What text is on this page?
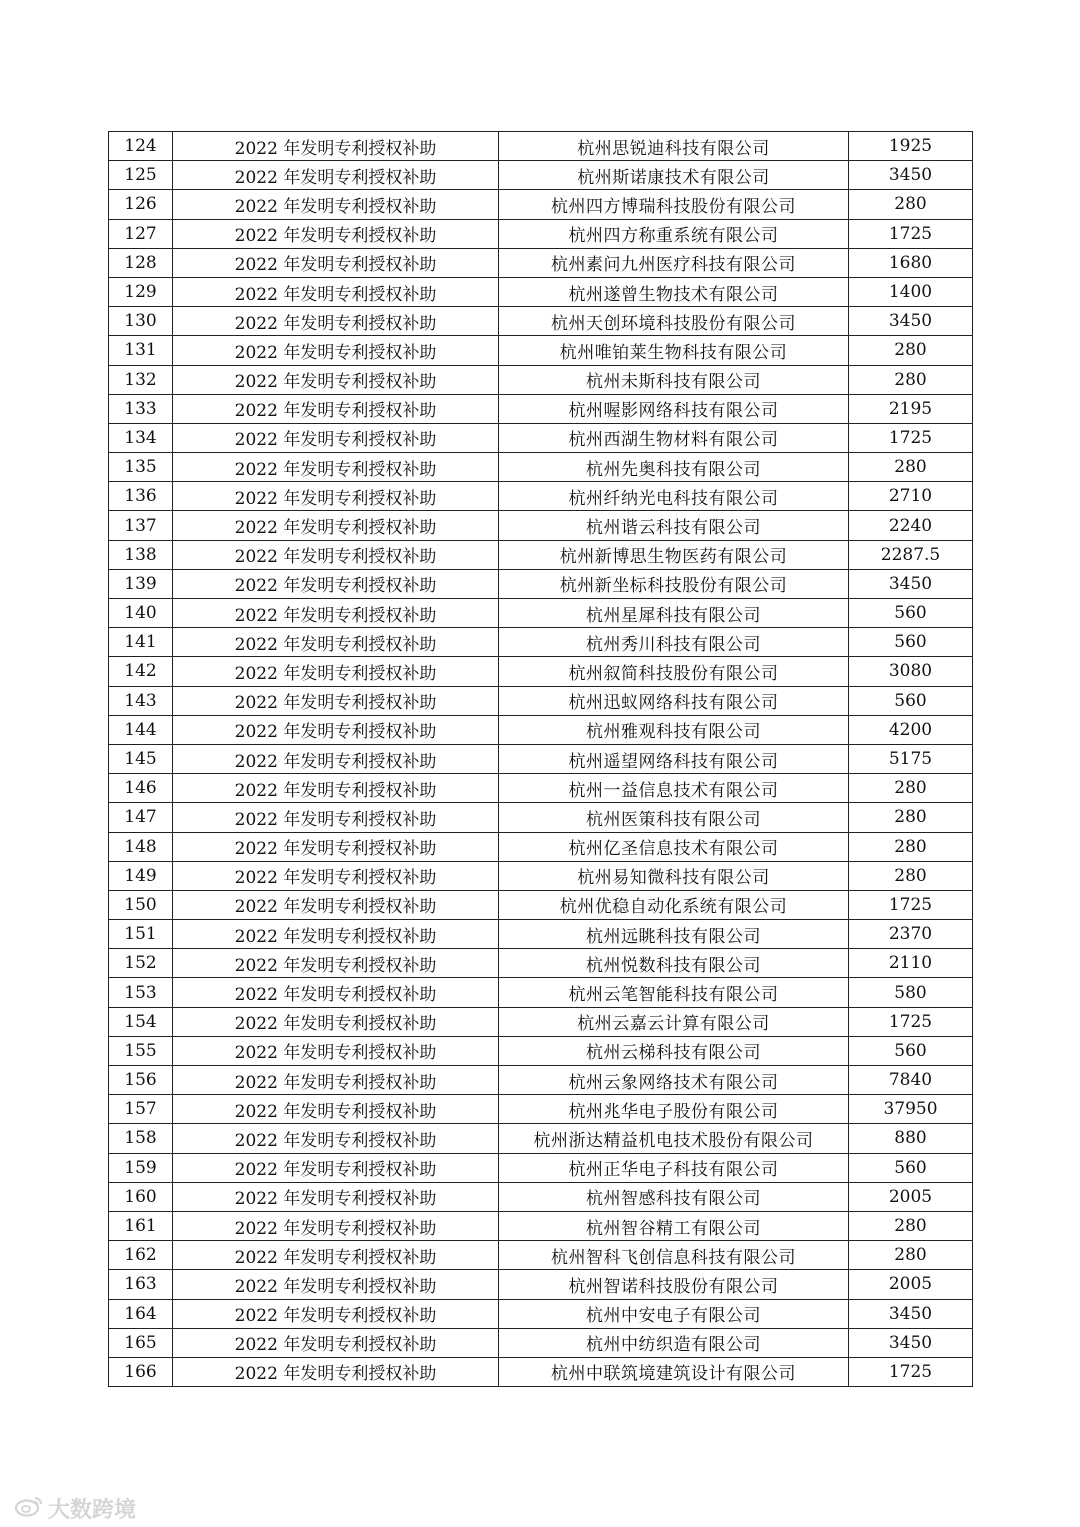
124	2022 年发明专利授权补助	杭州思锐迪科技有限公司	1925
125	2022 年发明专利授权补助	杭州斯诺康技术有限公司	3450
126	2022 年发明专利授权补助	杭州四方博瑞科技股份有限公司	280
127	2022 年发明专利授权补助	杭州四方称重系统有限公司	1725
128	2022 年发明专利授权补助	杭州素问九州医疗科技有限公司	1680
129	2022 年发明专利授权补助	杭州遂曾生物技术有限公司	1400
130	2022 年发明专利授权补助	杭州天创环境科技股份有限公司	3450
131	2022 年发明专利授权补助	杭州唯铂莱生物科技有限公司	280
132	2022 年发明专利授权补助	杭州未斯科技有限公司	280
133	2022 年发明专利授权补助	杭州喔影网络科技有限公司	2195
134	2022 年发明专利授权补助	杭州西湖生物材料有限公司	1725
135	2022 年发明专利授权补助	杭州先奥科技有限公司	280
136	2022 年发明专利授权补助	杭州纤纳光电科技有限公司	2710
137	2022 年发明专利授权补助	杭州谐云科技有限公司	2240
138	2022 年发明专利授权补助	杭州新博思生物医药有限公司	2287.5
139	2022 年发明专利授权补助	杭州新坐标科技股份有限公司	3450
140	2022 年发明专利授权补助	杭州星犀科技有限公司	560
141	2022 年发明专利授权补助	杭州秀川科技有限公司	560
142	2022 年发明专利授权补助	杭州叙简科技股份有限公司	3080
143	2022 年发明专利授权补助	杭州迅蚁网络科技有限公司	560
144	2022 年发明专利授权补助	杭州雅观科技有限公司	4200
145	2022 年发明专利授权补助	杭州遥望网络科技有限公司	5175
146	2022 年发明专利授权补助	杭州一益信息技术有限公司	280
147	2022 年发明专利授权补助	杭州医策科技有限公司	280
148	2022 年发明专利授权补助	杭州亿圣信息技术有限公司	280
149	2022 年发明专利授权补助	杭州易知微科技有限公司	280
150	2022 年发明专利授权补助	杭州优稳自动化系统有限公司	1725
151	2022 年发明专利授权补助	杭州远眺科技有限公司	2370
152	2022 年发明专利授权补助	杭州悦数科技有限公司	2110
153	2022 年发明专利授权补助	杭州云笔智能科技有限公司	580
154	2022 年发明专利授权补助	杭州云嘉云计算有限公司	1725
155	2022 年发明专利授权补助	杭州云梯科技有限公司	560
156	2022 年发明专利授权补助	杭州云象网络技术有限公司	7840
157	2022 年发明专利授权补助	杭州兆华电子股份有限公司	37950
158	2022 年发明专利授权补助	杭州浙达精益机电技术股份有限公司	880
159	2022 年发明专利授权补助	杭州正华电子科技有限公司	560
160	2022 年发明专利授权补助	杭州智感科技有限公司	2005
161	2022 年发明专利授权补助	杭州智谷精工有限公司	280
162	2022 年发明专利授权补助	杭州智科飞创信息科技有限公司	280
163	2022 年发明专利授权补助	杭州智诺科技股份有限公司	2005
164	2022 年发明专利授权补助	杭州中安电子有限公司	3450
165	2022 年发明专利授权补助	杭州中纺织造有限公司	3450
166	2022 年发明专利授权补助	杭州中联筑境建筑设计有限公司	1725
大数跨境
